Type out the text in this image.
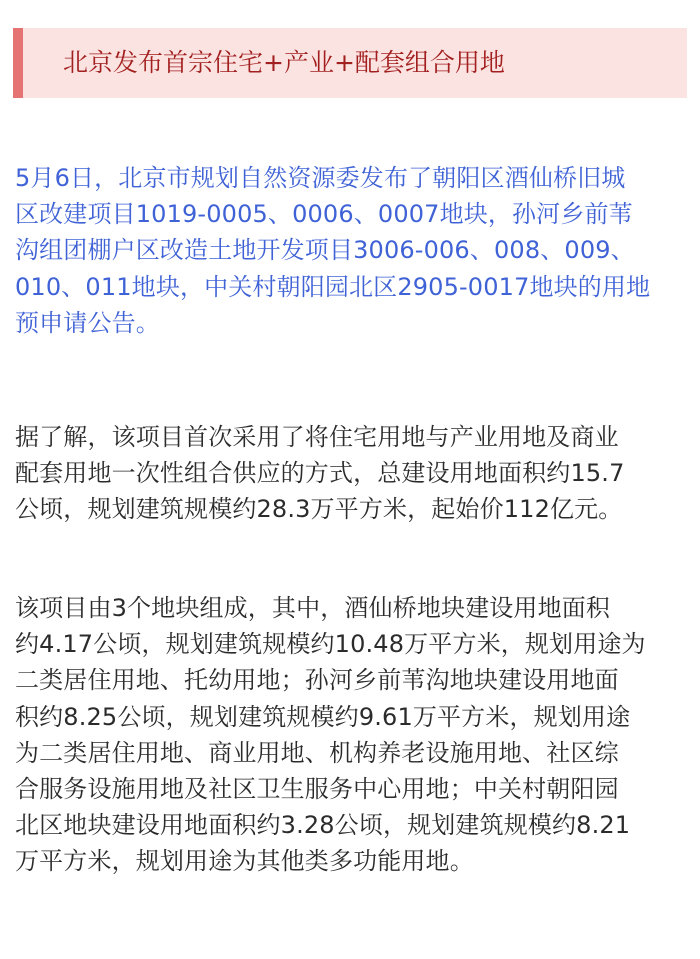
北京发布首宗住宅+产业+配套组合用地
5月6日，北京市规划自然资源委发布了朝阳区酒仙桥旧城
区改建项目1019-0005、0006、0007地块，孙河乡前苇
沟组团棚户区改造土地开发项目3006-006、008、009、
010、011地块，中关村朝阳园北区2905-0017地块的用地
预申请公告。
据了解，该项目首次采用了将住宅用地与产业用地及商业
配套用地一次性组合供应的方式，总建设用地面积约15.7
公顷，规划建筑规模约28.3万平方米，起始价112亿元。
该项目由3个地块组成，其中，酒仙桥地块建设用地面积
约4.17公顷，规划建筑规模约10.48万平方米，规划用途为
二类居住用地、托幼用地；孙河乡前苇沟地块建设用地面
积约8.25公顷，规划建筑规模约9.61万平方米，规划用途
为二类居住用地、商业用地、机构养老设施用地、社区综
合服务设施用地及社区卫生服务中心用地；中关村朝阳园
北区地块建设用地面积约3.28公顷，规划建筑规模约8.21
万平方米，规划用途为其他类多功能用地。
